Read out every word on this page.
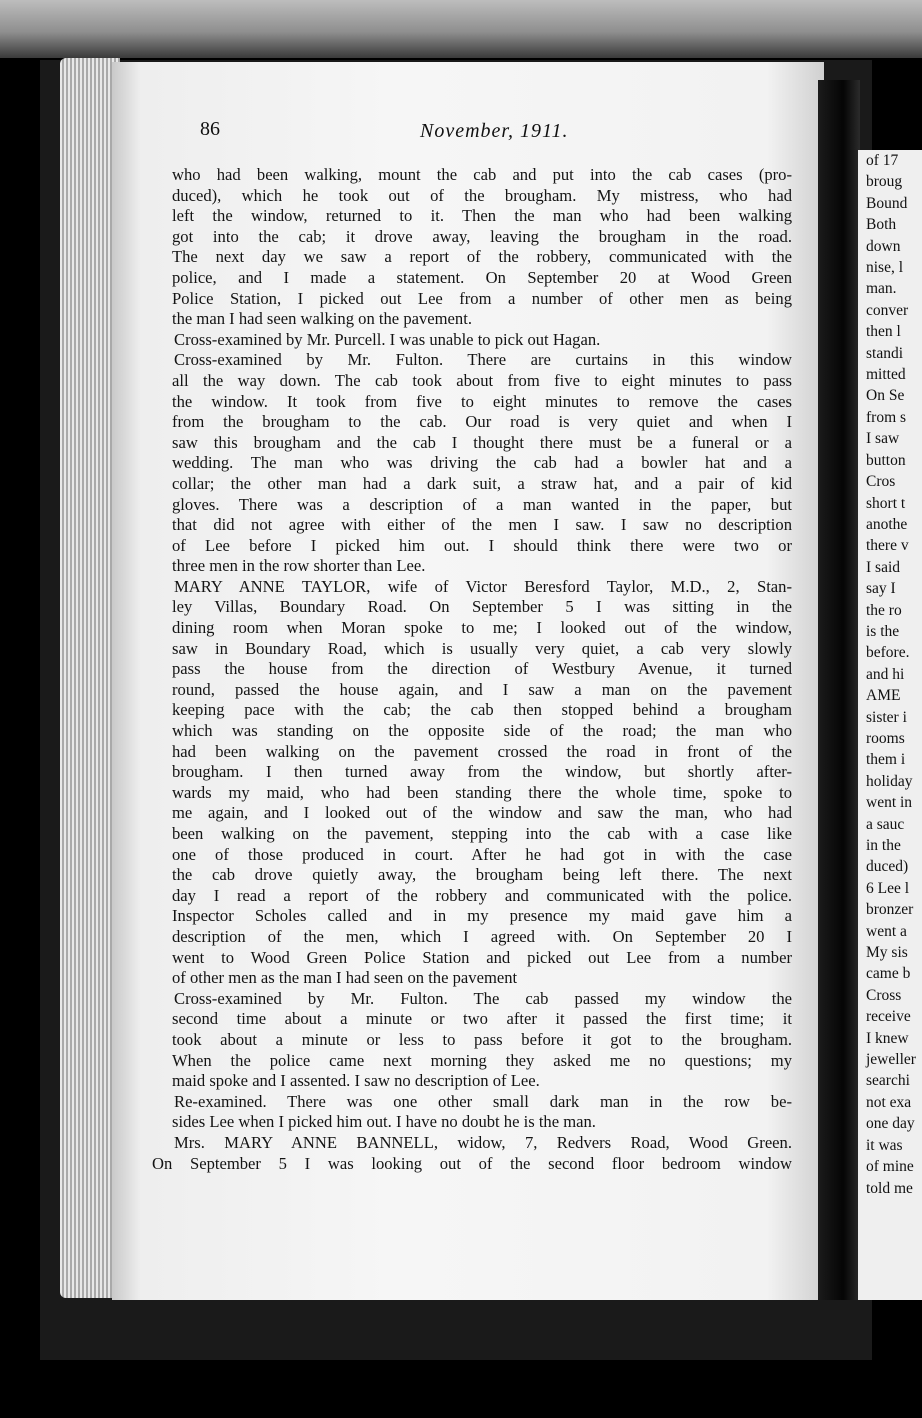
86	November, 1911.
who had been walking, mount the cab and put into the cab cases (pro-
duced), which he took out of the brougham. My mistress, who had
left the window, returned to it. Then the man who had been walking
got into the cab; it drove away, leaving the brougham in the road.
The next day we saw a report of the robbery, communicated with the
police, and I made a statement. On September 20 at Wood Green
Police Station, I picked out Lee from a number of other men as being
the man I had seen walking on the pavement.
Cross-examined by Mr. Purcell. I was unable to pick out Hagan.
Cross-examined by Mr. Fulton. There are curtains in this window
all the way down. The cab took about from five to eight minutes to pass
the window. It took from five to eight minutes to remove the cases
from the brougham to the cab. Our road is very quiet and when I
saw this brougham and the cab I thought there must be a funeral or a
wedding. The man who was driving the cab had a bowler hat and a
collar; the other man had a dark suit, a straw hat, and a pair of kid
gloves. There was a description of a man wanted in the paper, but
that did not agree with either of the men I saw. I saw no description
of Lee before I picked him out. I should think there were two or
three men in the row shorter than Lee.
MARY ANNE TAYLOR, wife of Victor Beresford Taylor, M.D., 2, Stan-
ley Villas, Boundary Road. On September 5 I was sitting in the
dining room when Moran spoke to me; I looked out of the window,
saw in Boundary Road, which is usually very quiet, a cab very slowly
pass the house from the direction of Westbury Avenue, it turned
round, passed the house again, and I saw a man on the pavement
keeping pace with the cab; the cab then stopped behind a brougham
which was standing on the opposite side of the road; the man who
had been walking on the pavement crossed the road in front of the
brougham. I then turned away from the window, but shortly after-
wards my maid, who had been standing there the whole time, spoke to
me again, and I looked out of the window and saw the man, who had
been walking on the pavement, stepping into the cab with a case like
one of those produced in court. After he had got in with the case
the cab drove quietly away, the brougham being left there. The next
day I read a report of the robbery and communicated with the police.
Inspector Scholes called and in my presence my maid gave him a
description of the men, which I agreed with. On September 20 I
went to Wood Green Police Station and picked out Lee from a number
of other men as the man I had seen on the pavement
Cross-examined by Mr. Fulton. The cab passed my window the
second time about a minute or two after it passed the first time; it
took about a minute or less to pass before it got to the brougham.
When the police came next morning they asked me no questions; my
maid spoke and I assented. I saw no description of Lee.
Re-examined. There was one other small dark man in the row be-
sides Lee when I picked him out. I have no doubt he is the man.
Mrs. MARY ANNE BANNELL, widow, 7, Redvers Road, Wood Green.
On September 5 I was looking out of the second floor bedroom window
of 17
broug
Bound
Both
down
nise, l
man.
conver
then l
standi
mitted
On Se
from s
I saw
button
Cros
short t
anothe
there v
I said
say I
the ro
is the
before.
and hi
AME
sister i
rooms
them i
holiday
went in
a sauc
in the
duced)
6 Lee l
bronzer
went a
My sis
came b
Cross
receive
I knew
jeweller
searchi
not exa
one day
it was
of mine
told me
